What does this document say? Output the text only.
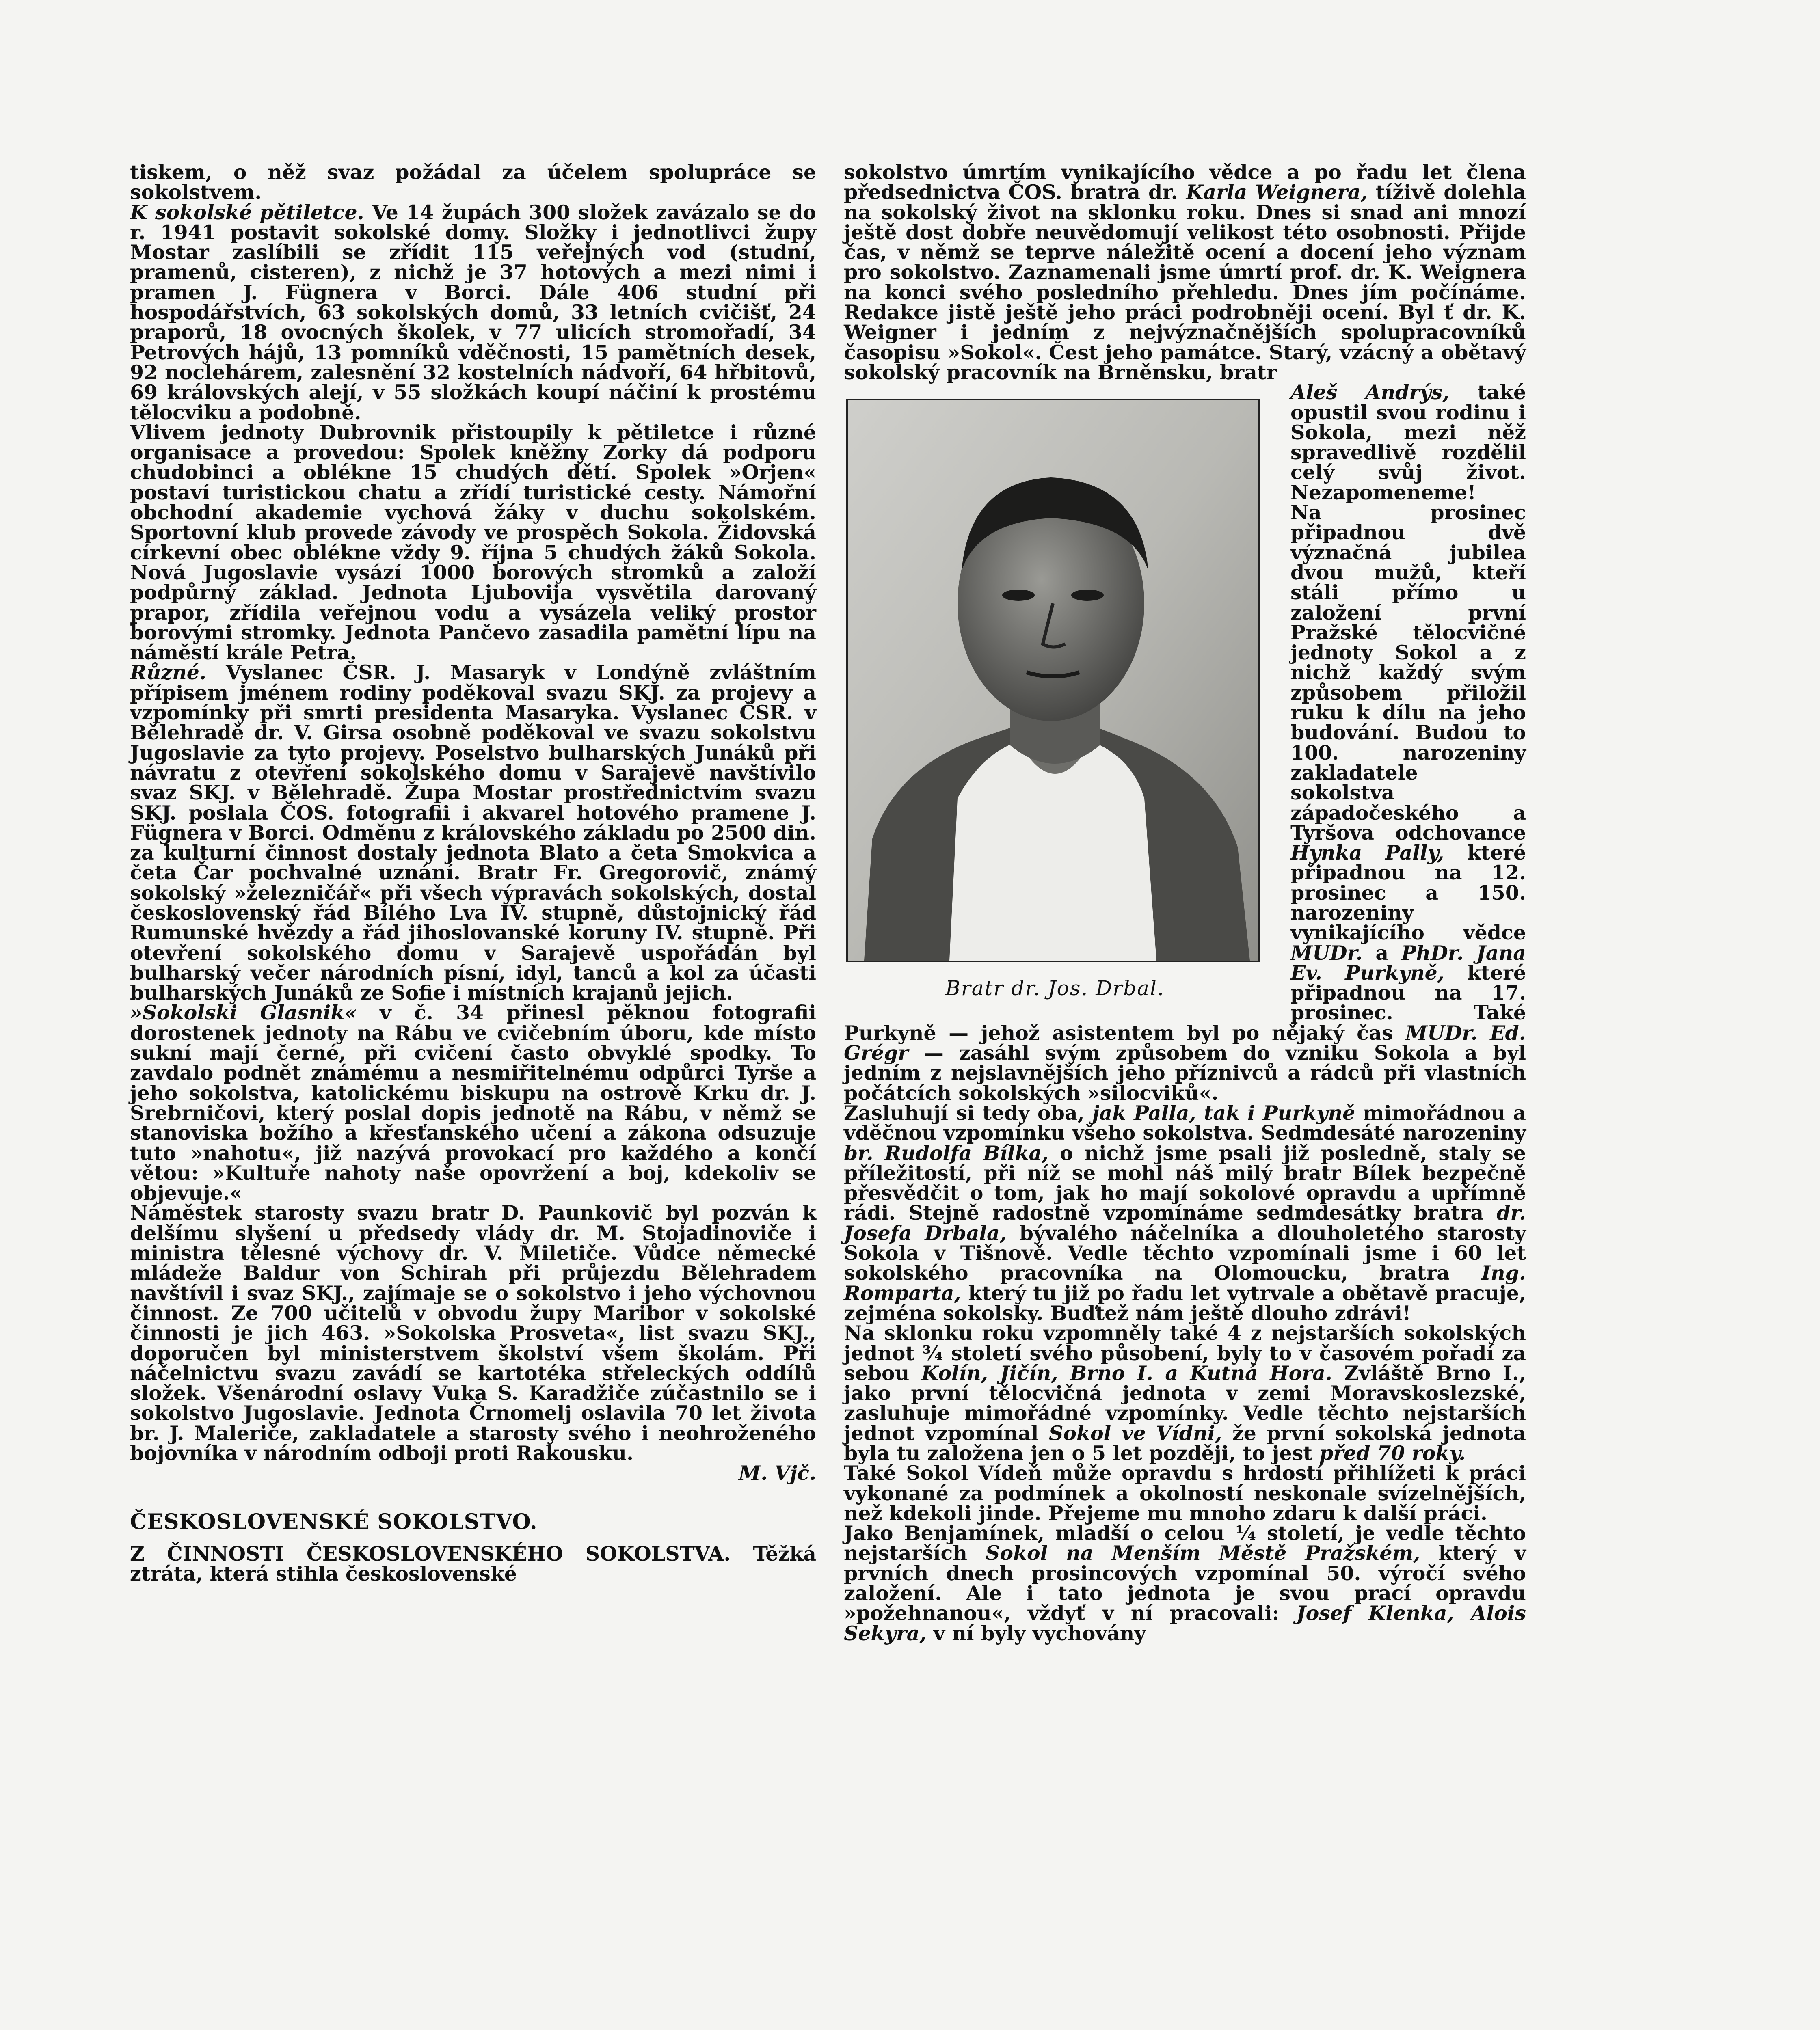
tiskem, o něž svaz požádal za účelem spolupráce se sokolstvem.

K sokolské pětiletce. Ve 14 župách 300 složek zavázalo se do r. 1941 postavit sokolské domy. Složky i jednotlivci župy Mostar zaslíbili se zřídit 115 veřejných vod (studní, pramenů, cisteren), z nichž je 37 hotových a mezi nimi i pramen J. Fügnera v Borci. Dále 406 studní při hospodářstvích, 63 sokolských domů, 33 letních cvičišť, 24 praporů, 18 ovocných školek, v 77 ulicích stromořadí, 34 Petrových hájů, 13 pomníků vděčnosti, 15 pamětních desek, 92 noclehárem, zalesnění 32 kostelních nádvoří, 64 hřbitovů, 69 královských alejí, v 55 složkách koupí náčiní k prostému tělocviku a podobně.

Vlivem jednoty Dubrovnik přistoupily k pětiletce i různé organisace a provedou: Spolek kněžny Zorky dá podporu chudobinci a oblékne 15 chudých dětí. Spolek »Orjen« postaví turistickou chatu a zřídí turistické cesty. Námořní obchodní akademie vychová žáky v duchu sokolském. Sportovní klub provede závody ve prospěch Sokola. Židovská církevní obec oblékne vždy 9. října 5 chudých žáků Sokola. Nová Jugoslavie vysází 1000 borových stromků a založí podpůrný základ. Jednota Ljubovija vysvětila darovaný prapor, zřídila veřejnou vodu a vysázela veliký prostor borovými stromky. Jednota Pančevo zasadila pamětní lípu na náměstí krále Petra.

Různé. Vyslanec ČSR. J. Masaryk v Londýně zvláštním přípisem jménem rodiny poděkoval svazu SKJ. za projevy a vzpomínky při smrti presidenta Masaryka. Vyslanec ČSR. v Bělehradě dr. V. Girsa osobně poděkoval ve svazu sokolstvu Jugoslavie za tyto projevy. Poselstvo bulharských Junáků při návratu z otevření sokolského domu v Sarajevě navštívilo svaz SKJ. v Bělehradě. Župa Mostar prostřednictvím svazu SKJ. poslala ČOS. fotografii i akvarel hotového pramene J. Fügnera v Borci. Odměnu z královského základu po 2500 din. za kulturní činnost dostaly jednota Blato a četa Smokvica a četa Čar pochvalné uznání. Bratr Fr. Gregorovič, známý sokolský »železničář« při všech výpravách sokolských, dostal československý řád Bílého Lva IV. stupně, důstojnický řád Rumunské hvězdy a řád jihoslovanské koruny IV. stupně. Při otevření sokolského domu v Sarajevě uspořádán byl bulharský večer národních písní, idyl, tanců a kol za účasti bulharských Junáků ze Sofie i místních krajanů jejich.

»Sokolski Glasnik« v č. 34 přinesl pěknou fotografii dorostenek jednoty na Rábu ve cvičebním úboru, kde místo sukní mají černé, při cvičení často obvyklé spodky. To zavdalo podnět známému a nesmiřitelnému odpůrci Tyrše a jeho sokolstva, katolickému biskupu na ostrově Krku dr. J. Srebrničovi, který poslal dopis jednotě na Rábu, v němž se stanoviska božího a křesťanského učení a zákona odsuzuje tuto »nahotu«, již nazývá provokací pro každého a končí větou: »Kultuře nahoty naše opovržení a boj, kdekoliv se objevuje.«

Náměstek starosty svazu bratr D. Paunkovič byl pozván k delšímu slyšení u předsedy vlády dr. M. Stojadinoviče i ministra tělesné výchovy dr. V. Miletiče. Vůdce německé mládeže Baldur von Schirah při průjezdu Bělehradem navštívil i svaz SKJ., zajímaje se o sokolstvo i jeho výchovnou činnost. Ze 700 učitelů v obvodu župy Maribor v sokolské činnosti je jich 463. »Sokolska Prosveta«, list svazu SKJ., doporučen byl ministerstvem školství všem školám. Při náčelnictvu svazu zavádí se kartotéka střeleckých oddílů složek. Všenárodní oslavy Vuka S. Karadžiče zúčastnilo se i sokolstvo Jugoslavie. Jednota Črnomelj oslavila 70 let života br. J. Maleriče, zakladatele a starosty svého i neohroženého bojovníka v národním odboji proti Rakousku.

M. Vjč.

ČESKOSLOVENSKÉ SOKOLSTVO.

Z ČINNOSTI ČESKOSLOVENSKÉHO SOKOLSTVA. Těžká ztráta, která stihla československé

sokolstvo úmrtím vynikajícího vědce a po řadu let člena předsednictva ČOS. bratra dr. Karla Weignera, tíživě dolehla na sokolský život na sklonku roku. Dnes si snad ani mnozí ještě dost dobře neuvědomují velikost této osobnosti. Přijde čas, v němž se teprve náležitě ocení a docení jeho význam pro sokolstvo. Zaznamenali jsme úmrtí prof. dr. K. Weignera na konci svého posledního přehledu. Dnes jím počínáme. Redakce jistě ještě jeho práci podrobněji ocení. Byl ť dr. K. Weigner i jedním z nejvýznačnějších spolupracovníků časopisu »Sokol«. Čest jeho památce. Starý, vzácný a obětavý sokolský pracovník na Brněnsku, bratr

Bratr dr. Jos. Drbal.

Aleš Andrýs, také opustil svou rodinu i Sokola, mezi něž spravedlivě rozdělil celý svůj život. Nezapomeneme!

Na prosinec připadnou dvě význačná jubilea dvou mužů, kteří stáli přímo u založení první Pražské tělocvičné jednoty Sokol a z nichž každý svým způsobem přiložil ruku k dílu na jeho budování. Budou to 100. narozeniny zakladatele sokolstva západočeského a Tyršova odchovance Hynka Pally, které připadnou na 12. prosinec a 150. narozeniny vynikajícího vědce MUDr. a PhDr. Jana Ev. Purkyně, které připadnou na 17. prosinec. Také Purkyně — jehož asistentem byl po nějaký čas MUDr. Ed. Grégr — zasáhl svým způsobem do vzniku Sokola a byl jedním z nejslavnějších jeho příznivců a rádců při vlastních počátcích sokolských »silocviků«.

Zasluhují si tedy oba, jak Palla, tak i Purkyně mimořádnou a vděčnou vzpomínku všeho sokolstva. Sedmdesáté narozeniny br. Rudolfa Bílka, o nichž jsme psali již posledně, staly se příležitostí, při níž se mohl náš milý bratr Bílek bezpečně přesvědčit o tom, jak ho mají sokolové opravdu a upřímně rádi. Stejně radostně vzpomínáme sedmdesátky bratra dr. Josefa Drbala, bývalého náčelníka a dlouholetého starosty Sokola v Tišnově. Vedle těchto vzpomínali jsme i 60 let sokolského pracovníka na Olomoucku, bratra Ing. Romparta, který tu již po řadu let vytrvale a obětavě pracuje, zejména sokolsky. Buďtež nám ještě dlouho zdrávi!

Na sklonku roku vzpomněly také 4 z nejstarších sokolských jednot ¾ století svého působení, byly to v časovém pořadí za sebou Kolín, Jičín, Brno I. a Kutná Hora. Zvláště Brno I., jako první tělocvičná jednota v zemi Moravskoslezské, zasluhuje mimořádné vzpomínky. Vedle těchto nejstarších jednot vzpomínal Sokol ve Vídni, že první sokolská jednota byla tu založena jen o 5 let později, to jest před 70 roky.

Také Sokol Vídeň může opravdu s hrdostí přihlížeti k práci vykonané za podmínek a okolností neskonale svízelnějších, než kdekoli jinde. Přejeme mu mnoho zdaru k další práci.

Jako Benjamínek, mladší o celou ¼ století, je vedle těchto nejstarších Sokol na Menším Městě Pražském, který v prvních dnech prosincových vzpomínal 50. výročí svého založení. Ale i tato jednota je svou prací opravdu »požehnanou«, vždyť v ní pracovali: Josef Klenka, Alois Sekyra, v ní byly vychovány
